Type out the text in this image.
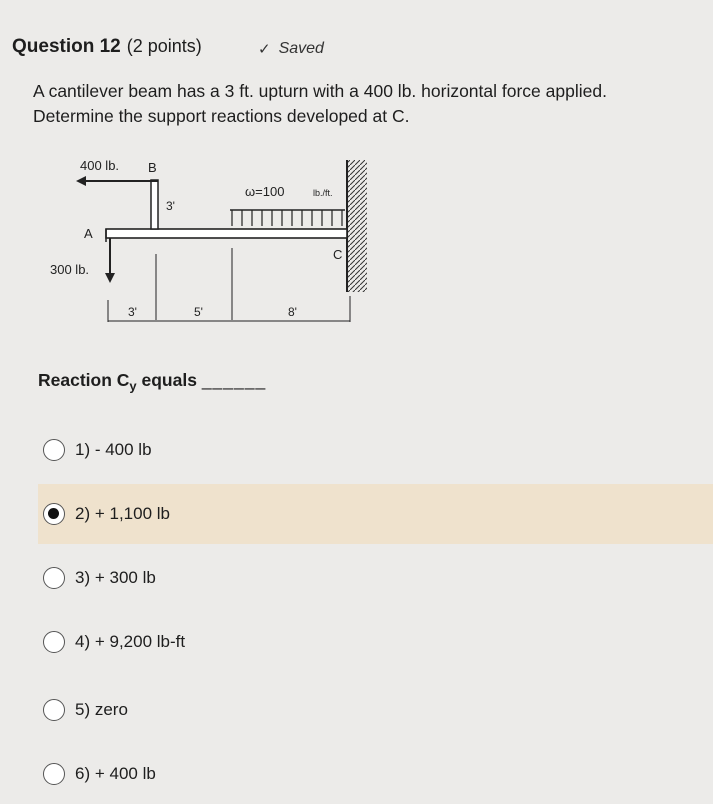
Question 12 (2 points)	✓ Saved
A cantilever beam has a 3 ft. upturn with a 400 lb. horizontal force applied.
Determine the support reactions developed at C.
400 lb. B
3'
A
300 lb.
C
ω=100	lb./ft.
3'	5'	8'
Reaction $C_y$ equals ______
1) - 400 lb
2) + 1,100 lb
3) + 300 lb
4) + 9,200 lb-ft
5) zero
6) + 400 lb
